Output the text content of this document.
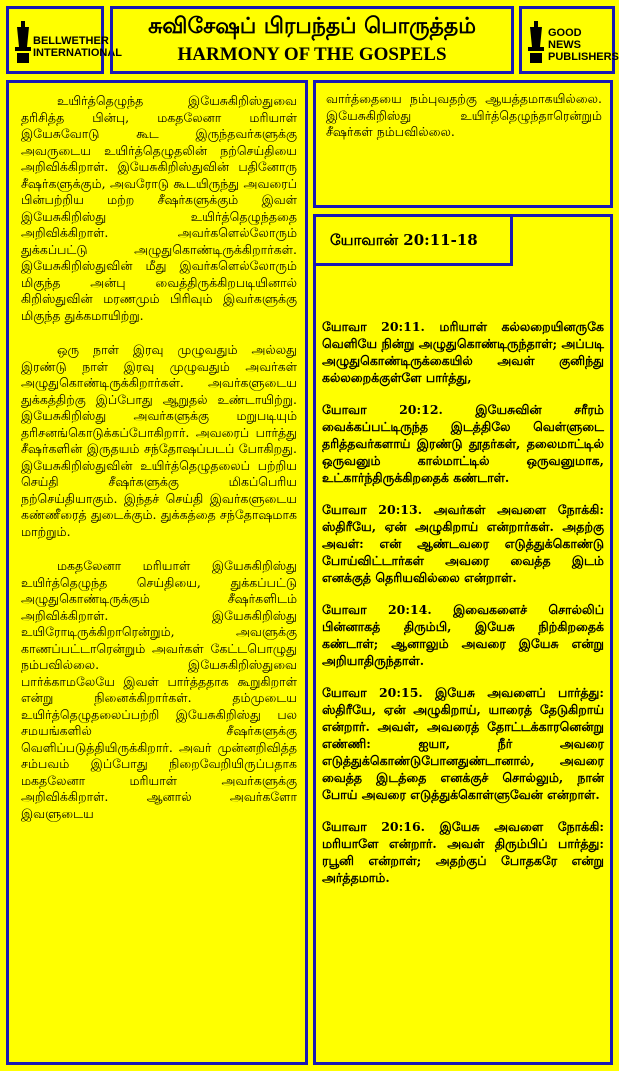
BELLWETHER INTERNATIONAL
சுவிசேஷப் பிரபந்தப் பொருத்தம்
HARMONY OF THE GOSPELS
GOOD NEWS PUBLISHERS

உயிர்த்தெழுந்த இயேசுகிறிஸ்துவை தரிசித்த பின்பு, மகதலேனா மரியாள் இயேசுவோடு கூட இருந்தவர்களுக்கு அவருடைய உயிர்த்தெழுதலின் நற்செய்தியை அறிவிக்கிறாள். இயேசுகிறிஸ்துவின் பதினோரு சீஷர்களுக்கும், அவரோடு கூடயிருந்து அவரைப் பின்பற்றிய மற்ற சீஷர்களுக்கும் இவள் இயேசுகிறிஸ்து உயிர்த்தெழுந்ததை அறிவிக்கிறாள். அவர்களெல்லோரும் துக்கப்பட்டு அழுதுகொண்டிருக்கிறார்கள். இயேசுகிறிஸ்துவின் மீது இவர்களெல்லோரும் மிகுந்த அன்பு வைத்திருக்கிறபடியினால் கிறிஸ்துவின் மரணமும் பிரிவும் இவர்களுக்கு மிகுந்த துக்கமாயிற்று.

ஒரு நாள் இரவு முழுவதும் அல்லது இரண்டு நாள் இரவு முழுவதும் அவர்கள் அழுதுகொண்டிருக்கிறார்கள். அவர்களுடைய துக்கத்திற்கு இப்போது ஆறுதல் உண்டாயிற்று. இயேசுகிறிஸ்து அவர்களுக்கு மறுபடியும் தரிசனங்கொடுக்கப்போகிறார். அவரைப் பார்த்து சீஷர்களின் இருதயம் சந்தோஷப்படப் போகிறது. இயேசுகிறிஸ்துவின் உயிர்த்தெழுதலைப் பற்றிய செய்தி சீஷர்களுக்கு மிகப்பெரிய நற்செய்தியாகும். இந்தச் செய்தி இவர்களுடைய கண்ணீரைத் துடைக்கும். துக்கத்தை சந்தோஷமாக மாற்றும்.

மகதலேனா மரியாள் இயேசுகிறிஸ்து உயிர்த்தெழுந்த செய்தியை, துக்கப்பட்டு அழுதுகொண்டிருக்கும் சீஷர்களிடம் அறிவிக்கிறாள். இயேசுகிறிஸ்து உயிரோடிருக்கிறாரென்றும், அவளுக்கு காணப்பட்டாரென்றும் அவர்கள் கேட்டபொழுது நம்பவில்லை. இயேசுகிறிஸ்துவை பார்க்காமலேயே இவள் பார்த்ததாக கூறுகிறாள் என்று நினைக்கிறார்கள். தம்முடைய உயிர்த்தெழுதலைப்பற்றி இயேசுகிறிஸ்து பல சமயங்களில் சீஷர்களுக்கு வெளிப்படுத்தியிருக்கிறார். அவர் முன்னறிவித்த சம்பவம் இப்போது நிறைவேறியிருப்பதாக மகதலேனா மரியாள் அவர்களுக்கு அறிவிக்கிறாள். ஆனால் அவர்களோ இவளுடைய

வார்த்தையை நம்புவதற்கு ஆயத்தமாகயில்லை. இயேசுகிறிஸ்து உயிர்த்தெழுந்தாரென்றும் சீஷர்கள் நம்பவில்லை.

யோவான் 20:11-18

யோவா 20:11. மரியாள் கல்லறையினருகே வெளியே நின்று அழுதுகொண்டிருந்தாள்; அப்படி அழுதுகொண்டிருக்கையில் அவள் குனிந்து கல்லறைக்குள்ளே பார்த்து,

யோவா 20:12. இயேசுவின் சரீரம் வைக்கப்பட்டிருந்த இடத்திலே வெள்ளுடை தரித்தவர்களாய் இரண்டு தூதர்கள், தலைமாட்டில் ஒருவனும் கால்மாட்டில் ஒருவனுமாக, உட்கார்ந்திருக்கிறதைக் கண்டாள்.

யோவா 20:13. அவர்கள் அவளை நோக்கி: ஸ்திரீயே, ஏன் அழுகிறாய் என்றார்கள். அதற்கு அவள்: என் ஆண்டவரை எடுத்துக்கொண்டு போய்விட்டார்கள் அவரை வைத்த இடம் எனக்குத் தெரியவில்லை என்றாள்.

யோவா 20:14. இவைகளைச் சொல்லிப் பின்னாகத் திரும்பி, இயேசு நிற்கிறதைக் கண்டாள்; ஆனாலும் அவரை இயேசு என்று அறியாதிருந்தாள்.

யோவா 20:15. இயேசு அவளைப் பார்த்து: ஸ்திரீயே, ஏன் அழுகிறாய், யாரைத் தேடுகிறாய் என்றார். அவள், அவரைத் தோட்டக்காரனென்று எண்ணி: ஐயா, நீர் அவரை எடுத்துக்கொண்டுபோனதுண்டானால், அவரை வைத்த இடத்தை எனக்குச் சொல்லும், நான் போய் அவரை எடுத்துக்கொள்ளுவேன் என்றாள்.

யோவா 20:16. இயேசு அவளை நோக்கி: மரியாளே என்றார். அவள் திரும்பிப் பார்த்து: ரபூனி என்றாள்; அதற்குப் போதகரே என்று அர்த்தமாம்.
